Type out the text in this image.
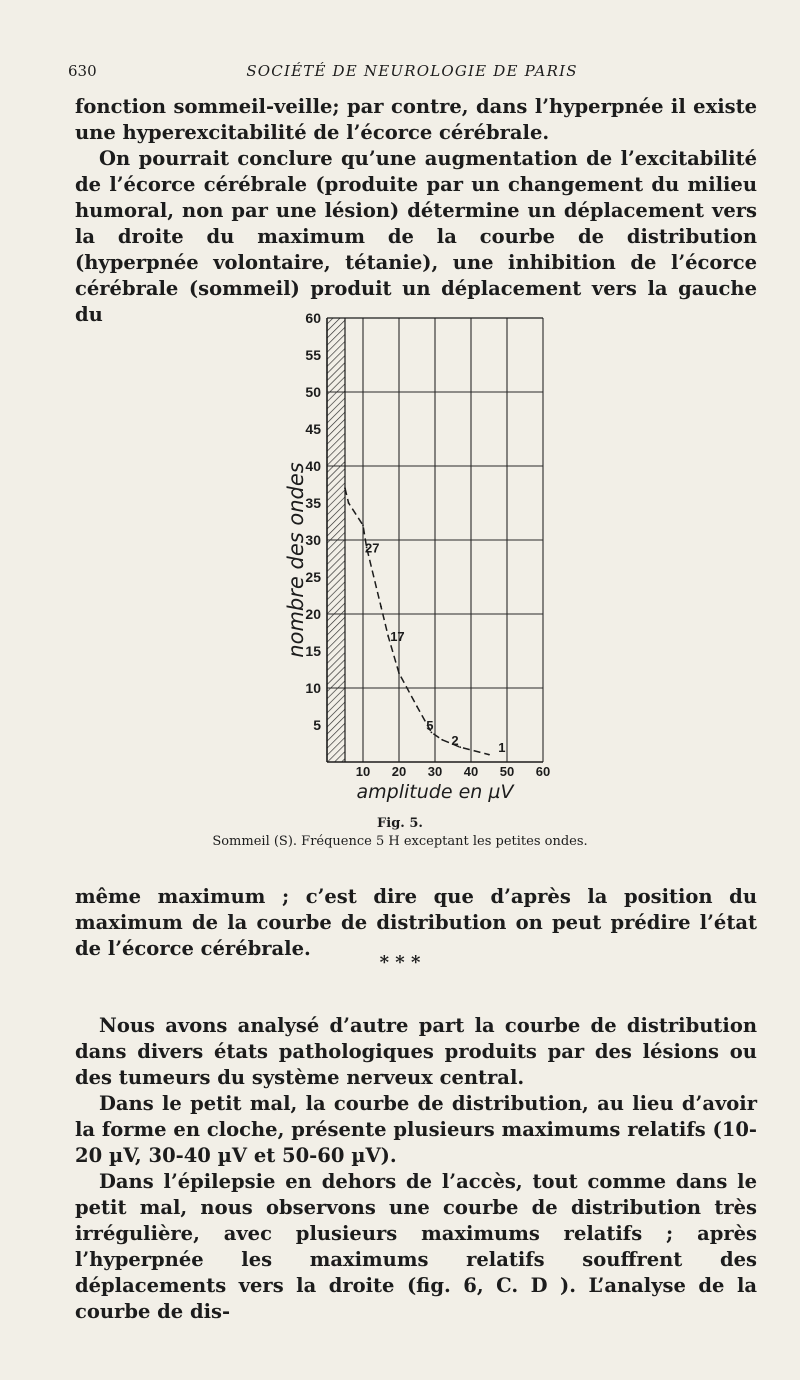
630	SOCIÉTÉ DE NEUROLOGIE DE PARIS

fonction sommeil-veille; par contre, dans l’hyperpnée il existe une hyperexcitabilité de l’écorce cérébrale.

On pourrait conclure qu’une augmentation de l’excitabilité de l’écorce cérébrale (produite par un changement du milieu humoral, non par une lésion) détermine un déplacement vers la droite du maximum de la courbe de distribution (hyperpnée volontaire, tétanie), une inhibition de l’écorce cérébrale (sommeil) produit un déplacement vers la gauche du

5
10
15
20
25
30
35
40
45
50
55
60
10 20 30 40 50 60
amplitude en µV
nombre des ondes	27
17
5
2	1
Fig. 5.
Sommeil (S). Fréquence 5 H exceptant les petites ondes.

même maximum ; c’est dire que d’après la position du maximum de la courbe de distribution on peut prédire l’état de l’écorce cérébrale.

* * *

Nous avons analysé d’autre part la courbe de distribution dans divers états pathologiques produits par des lésions ou des tumeurs du système nerveux central.

Dans le petit mal, la courbe de distribution, au lieu d’avoir la forme en cloche, présente plusieurs maximums relatifs (10-20 µV, 30-40 µV et 50-60 µV).

Dans l’épilepsie en dehors de l’accès, tout comme dans le petit mal, nous observons une courbe de distribution très irrégulière, avec plusieurs maximums relatifs ; après l’hyperpnée les maximums relatifs souffrent des déplacements vers la droite (fig. 6, C. D ). L’analyse de la courbe de dis-
